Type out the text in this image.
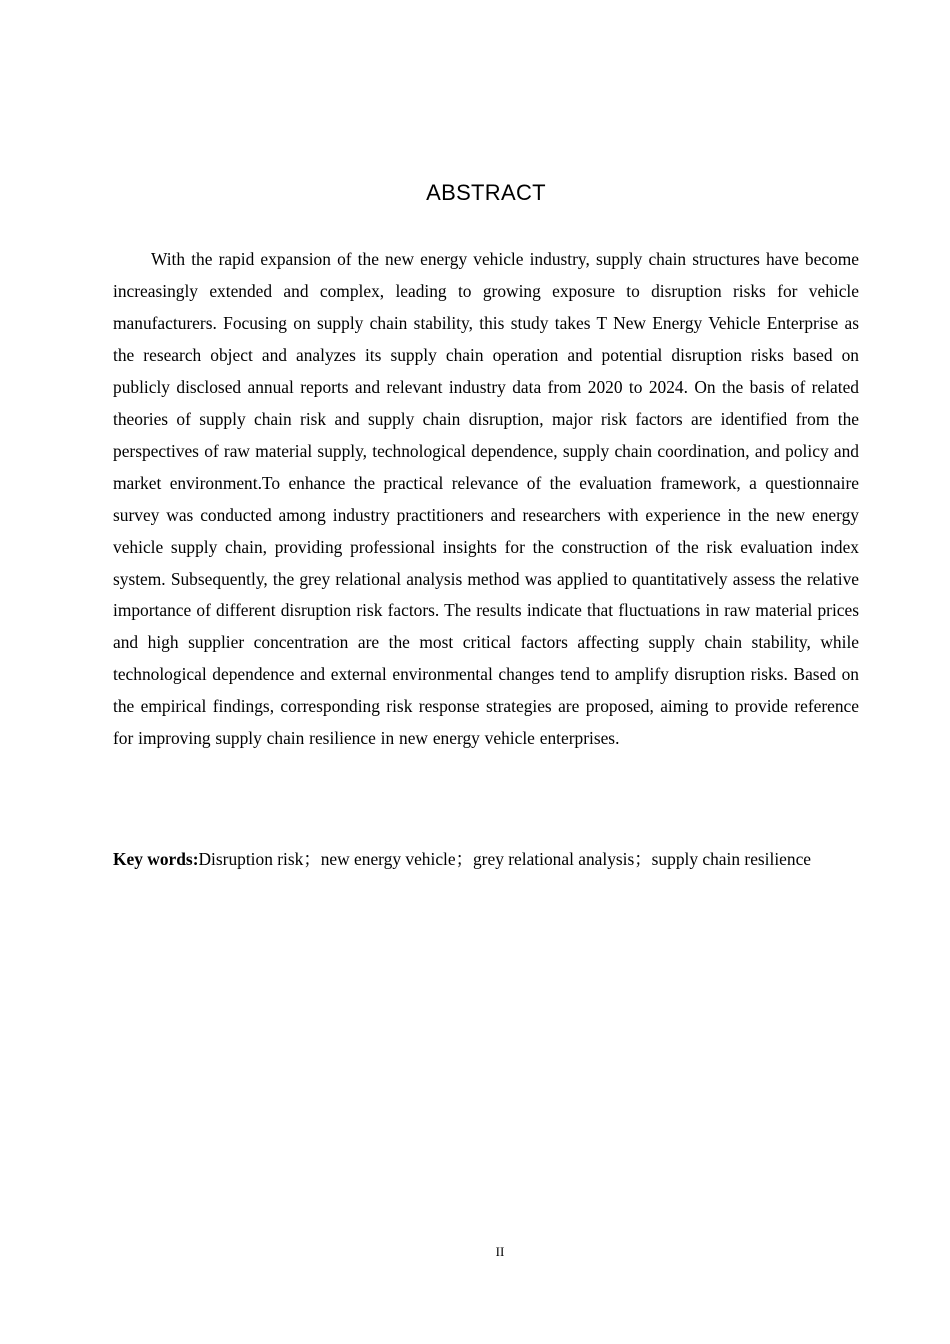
ABSTRACT

With the rapid expansion of the new energy vehicle industry, supply chain structures have become increasingly extended and complex, leading to growing exposure to disruption risks for vehicle manufacturers. Focusing on supply chain stability, this study takes T New Energy Vehicle Enterprise as the research object and analyzes its supply chain operation and potential disruption risks based on publicly disclosed annual reports and relevant industry data from 2020 to 2024. On the basis of related theories of supply chain risk and supply chain disruption, major risk factors are identified from the perspectives of raw material supply, technological dependence, supply chain coordination, and policy and market environment.To enhance the practical relevance of the evaluation framework, a questionnaire survey was conducted among industry practitioners and researchers with experience in the new energy vehicle supply chain, providing professional insights for the construction of the risk evaluation index system. Subsequently, the grey relational analysis method was applied to quantitatively assess the relative importance of different disruption risk factors. The results indicate that fluctuations in raw material prices and high supplier concentration are the most critical factors affecting supply chain stability, while technological dependence and external environmental changes tend to amplify disruption risks. Based on the empirical findings, corresponding risk response strategies are proposed, aiming to provide reference for improving supply chain resilience in new energy vehicle enterprises.

Key words:Disruption risk；new energy vehicle；grey relational analysis；supply chain resilience

II
